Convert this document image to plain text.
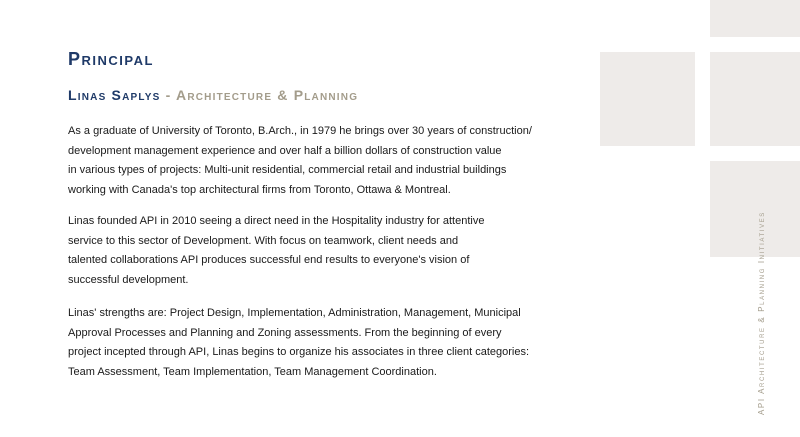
Principal
Linas Saplys - Architecture & Planning

As a graduate of University of Toronto, B.Arch., in 1979 he brings over 30 years of construction/
development management experience and over half a billion dollars of construction value
in various types of projects: Multi-unit residential, commercial retail and industrial buildings
working with Canada's top architectural firms from Toronto, Ottawa & Montreal.

Linas founded API in 2010 seeing a direct need in the Hospitality industry for attentive
service to this sector of Development. With focus on teamwork, client needs and
talented collaborations API produces successful end results to everyone's vision of
successful development.

Linas' strengths are: Project Design, Implementation, Administration, Management, Municipal
Approval Processes and Planning and Zoning assessments. From the beginning of every
project incepted through API, Linas begins to organize his associates in three client categories:
Team Assessment, Team Implementation, Team Management Coordination.	API Architecture & Planning Initiatives
